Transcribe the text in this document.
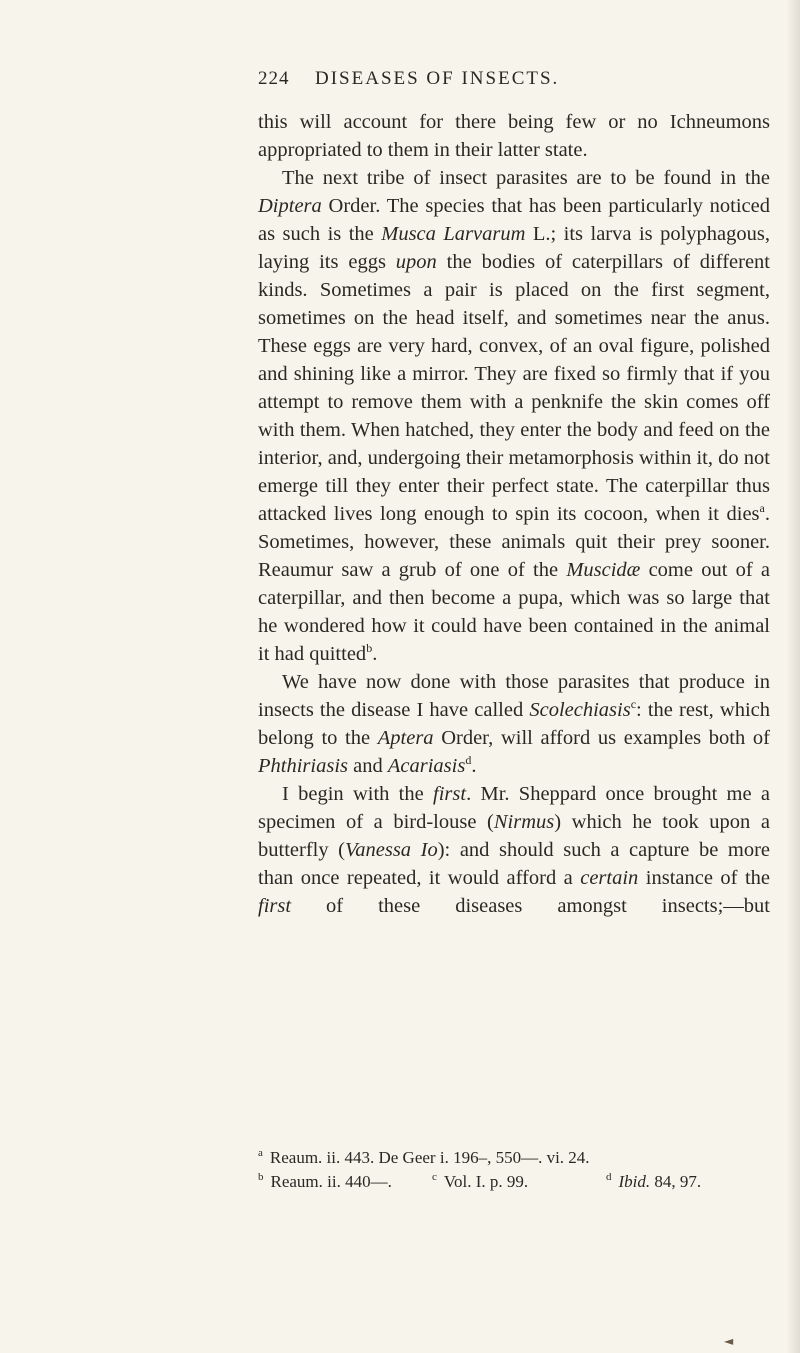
224 DISEASES OF INSECTS.

this will account for there being few or no Ichneumons appropriated to them in their latter state.

The next tribe of insect parasites are to be found in the Diptera Order. The species that has been particularly noticed as such is the Musca Larvarum L.; its larva is polyphagous, laying its eggs upon the bodies of caterpillars of different kinds. Sometimes a pair is placed on the first segment, sometimes on the head itself, and sometimes near the anus. These eggs are very hard, convex, of an oval figure, polished and shining like a mirror. They are fixed so firmly that if you attempt to remove them with a penknife the skin comes off with them. When hatched, they enter the body and feed on the interior, and, undergoing their metamorphosis within it, do not emerge till they enter their perfect state. The caterpillar thus attacked lives long enough to spin its cocoon, when it dies$^a$. Sometimes, however, these animals quit their prey sooner. Reaumur saw a grub of one of the Muscidæ come out of a caterpillar, and then become a pupa, which was so large that he wondered how it could have been contained in the animal it had quitted$^b$.

We have now done with those parasites that produce in insects the disease I have called Scolechiasis$^c$: the rest, which belong to the Aptera Order, will afford us examples both of Phthiriasis and Acariasis$^d$.

I begin with the first. Mr. Sheppard once brought me a specimen of a bird-louse (Nirmus) which he took upon a butterfly (Vanessa Io): and should such a capture be more than once repeated, it would afford a certain instance of the first of these diseases amongst insects;—but

$^a$ Reaum. ii. 443. De Geer i. 196–, 550—. vi. 24.
$^b$ Reaum. ii. 440—.	$^c$ Vol. I. p. 99.	$^d$ Ibid. 84, 97.
◄
